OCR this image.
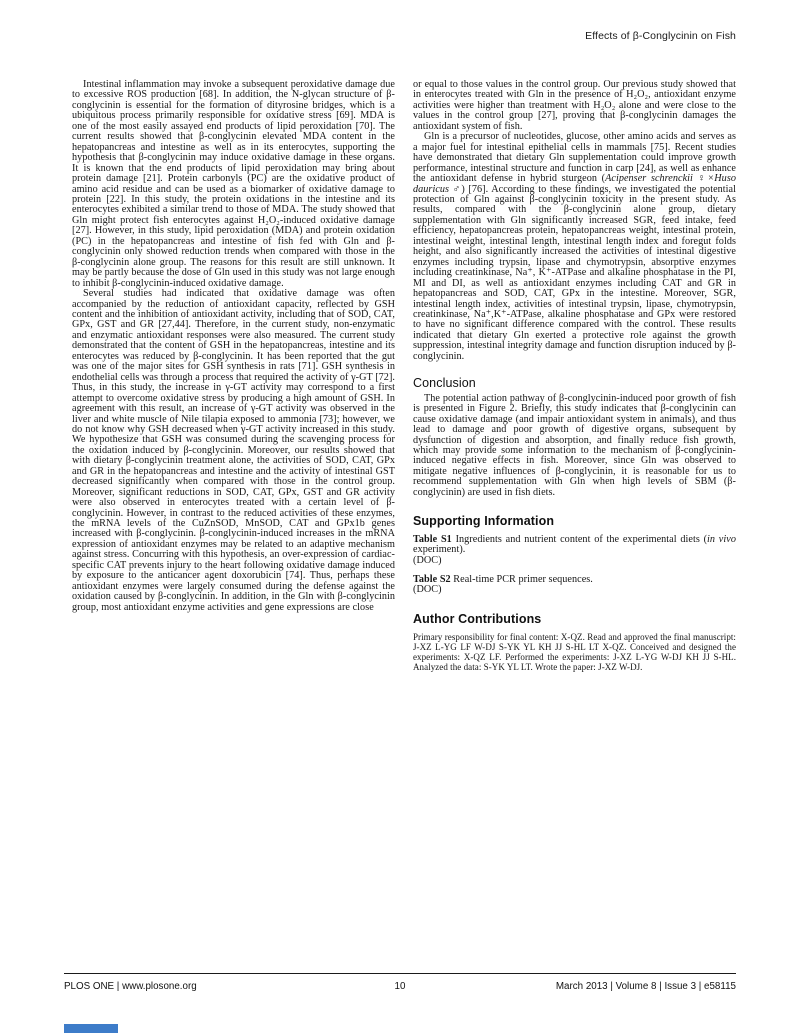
Effects of β-Conglycinin on Fish

Intestinal inflammation may invoke a subsequent peroxidative damage due to excessive ROS production [68]. In addition, the N-glycan structure of β-conglycinin is essential for the formation of dityrosine bridges, which is a ubiquitous process primarily responsible for oxidative stress [69]. MDA is one of the most easily assayed end products of lipid peroxidation [70]. The current results showed that β-conglycinin elevated MDA content in the hepatopancreas and intestine as well as in its enterocytes, supporting the hypothesis that β-conglycinin may induce oxidative damage in these organs. It is known that the end products of lipid peroxidation may bring about protein damage [21]. Protein carbonyls (PC) are the oxidative product of amino acid residue and can be used as a biomarker of oxidative damage to protein [22]. In this study, the protein oxidations in the intestine and its enterocytes exhibited a similar trend to those of MDA. The study showed that Gln might protect fish enterocytes against H₂O₂-induced oxidative damage [27]. However, in this study, lipid peroxidation (MDA) and protein oxidation (PC) in the hepatopancreas and intestine of fish fed with Gln and β-conglycinin only showed reduction trends when compared with those in the β-conglycinin alone group. The reasons for this result are still unknown. It may be partly because the dose of Gln used in this study was not large enough to inhibit β-conglycinin-induced oxidative damage.

Several studies had indicated that oxidative damage was often accompanied by the reduction of antioxidant capacity, reflected by GSH content and the inhibition of antioxidant activity, including that of SOD, CAT, GPx, GST and GR [27,44]. Therefore, in the current study, non-enzymatic and enzymatic antioxidant responses were also measured. The current study demonstrated that the content of GSH in the hepatopancreas, intestine and its enterocytes was reduced by β-conglycinin. It has been reported that the gut was one of the major sites for GSH synthesis in rats [71]. GSH synthesis in endothelial cells was through a process that required the activity of γ-GT [72]. Thus, in this study, the increase in γ-GT activity may correspond to a first attempt to overcome oxidative stress by producing a high amount of GSH. In agreement with this result, an increase of γ-GT activity was observed in the liver and white muscle of Nile tilapia exposed to ammonia [73]; however, we do not know why GSH decreased when γ-GT activity increased in this study. We hypothesize that GSH was consumed during the scavenging process for the oxidation induced by β-conglycinin. Moreover, our results showed that with dietary β-conglycinin treatment alone, the activities of SOD, CAT, GPx and GR in the hepatopancreas and intestine and the activity of intestinal GST decreased significantly when compared with those in the control group. Moreover, significant reductions in SOD, CAT, GPx, GST and GR activity were also observed in enterocytes treated with a certain level of β-conglycinin. However, in contrast to the reduced activities of these enzymes, the mRNA levels of the CuZnSOD, MnSOD, CAT and GPx1b genes increased with β-conglycinin. β-conglycinin-induced increases in the mRNA expression of antioxidant enzymes may be related to an adaptive mechanism against stress. Concurring with this hypothesis, an over-expression of cardiac-specific CAT prevents injury to the heart following oxidative damage induced by exposure to the anticancer agent doxorubicin [74]. Thus, perhaps these antioxidant enzymes were largely consumed during the defense against the oxidation caused by β-conglycinin. In addition, in the Gln with β-conglycinin group, most antioxidant enzyme activities and gene expressions are close

or equal to those values in the control group. Our previous study showed that in enterocytes treated with Gln in the presence of H₂O₂, antioxidant enzyme activities were higher than treatment with H₂O₂ alone and were close to the values in the control group [27], proving that β-conglycinin damages the antioxidant system of fish.

Gln is a precursor of nucleotides, glucose, other amino acids and serves as a major fuel for intestinal epithelial cells in mammals [75]. Recent studies have demonstrated that dietary Gln supplementation could improve growth performance, intestinal structure and function in carp [24], as well as enhance the antioxidant defense in hybrid sturgeon (Acipenser schrenckii ♀×Huso dauricus ♂) [76]. According to these findings, we investigated the potential protection of Gln against β-conglycinin toxicity in the present study. As results, compared with the β-conglycinin alone group, dietary supplementation with Gln significantly increased SGR, feed intake, feed efficiency, hepatopancreas protein, hepatopancreas weight, intestinal protein, intestinal weight, intestinal length, intestinal length index and foregut folds height, and also significantly increased the activities of intestinal digestive enzymes including trypsin, lipase and chymotrypsin, absorptive enzymes including creatinkinase, Na⁺, K⁺-ATPase and alkaline phosphatase in the PI, MI and DI, as well as antioxidant enzymes including CAT and GR in hepatopancreas and SOD, CAT, GPx in the intestine. Moreover, SGR, intestinal length index, activities of intestinal trypsin, lipase, chymotrypsin, creatinkinase, Na⁺,K⁺-ATPase, alkaline phosphatase and GPx were restored to have no significant difference compared with the control. These results indicated that dietary Gln exerted a protective role against the growth suppression, intestinal integrity damage and function disruption induced by β-conglycinin.

Conclusion

The potential action pathway of β-conglycinin-induced poor growth of fish is presented in Figure 2. Briefly, this study indicates that β-conglycinin can cause oxidative damage (and impair antioxidant system in animals), and thus lead to damage and poor growth of digestive organs, subsequent by dysfunction of digestion and absorption, and finally reduce fish growth, which may provide some information to the mechanism of β-conglycinin-induced negative effects in fish. Moreover, since Gln was observed to mitigate negative influences of β-conglycinin, it is reasonable for us to recommend supplementation with Gln when high levels of SBM (β-conglycinin) are used in fish diets.

Supporting Information

Table S1 Ingredients and nutrient content of the experimental diets (in vivo experiment).
(DOC)

Table S2 Real-time PCR primer sequences.
(DOC)

Author Contributions

Primary responsibility for final content: X-QZ. Read and approved the final manuscript: J-XZ L-YG LF W-DJ S-YK YL KH JJ S-HL LT X-QZ. Conceived and designed the experiments: X-QZ LF. Performed the experiments: J-XZ L-YG W-DJ KH JJ S-HL. Analyzed the data: S-YK YL LT. Wrote the paper: J-XZ W-DJ.

PLOS ONE | www.plosone.org	10	March 2013 | Volume 8 | Issue 3 | e58115
